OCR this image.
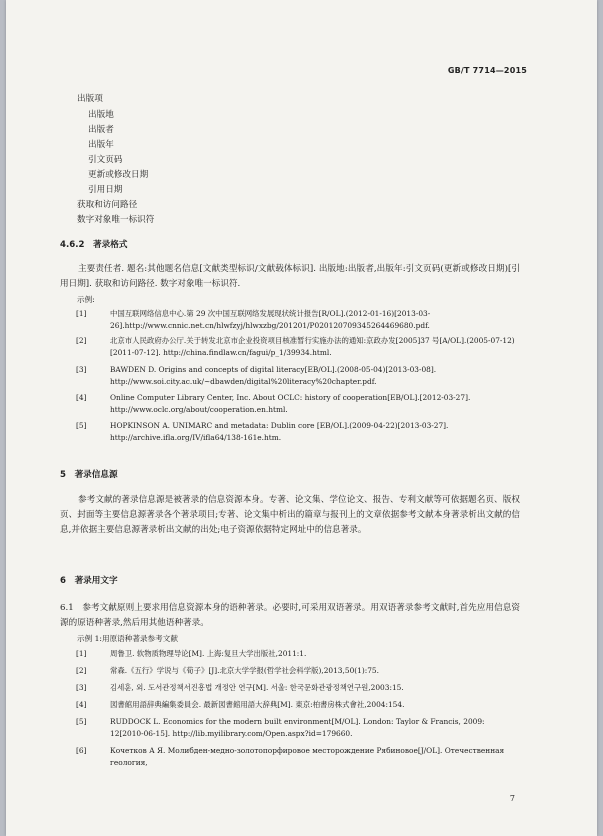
GB/T 7714—2015
出版项
出版地
出版者
出版年
引文页码
更新或修改日期
引用日期
获取和访问路径
数字对象唯一标识符
4.6.2　著录格式
主要责任者. 题名:其他题名信息[文献类型标识/文献载体标识]. 出版地:出版者,出版年:引文页码(更新或修改日期)[引用日期]. 获取和访问路径. 数字对象唯一标识符.
示例:
[1]	中国互联网络信息中心.第 29 次中国互联网络发展现状统计报告[R/OL].(2012-01-16)[2013-03-26].http://www.cnnic.net.cn/hlwfzyj/hlwxzbg/201201/P020120709345264469680.pdf.
[2]	北京市人民政府办公厅.关于转发北京市企业投资项目核准暂行实施办法的通知:京政办发[2005]37 号[A/OL].(2005-07-12)[2011-07-12]. http://china.findlaw.cn/fagui/p_1/39934.html.
[3]	BAWDEN D. Origins and concepts of digital literacy[EB/OL].(2008-05-04)[2013-03-08]. http://www.soi.city.ac.uk/~dbawden/digital%20literacy%20chapter.pdf.
[4]	Online Computer Library Center, Inc. About OCLC: history of cooperation[EB/OL].[2012-03-27]. http://www.oclc.org/about/cooperation.en.html.
[5]	HOPKINSON A. UNIMARC and metadata: Dublin core [EB/OL].(2009-04-22)[2013-03-27]. http://archive.ifla.org/IV/ifla64/138-161e.htm.
5　著录信息源
参考文献的著录信息源是被著录的信息资源本身。专著、论文集、学位论文、报告、专利文献等可依据题名页、版权页、封面等主要信息源著录各个著录项目;专著、论文集中析出的篇章与报刊上的文章依据参考文献本身著录析出文献的信息,并依据主要信息源著录析出文献的出处;电子资源依据特定网址中的信息著录。
6　著录用文字
6.1　参考文献原则上要求用信息资源本身的语种著录。必要时,可采用双语著录。用双语著录参考文献时,首先应用信息资源的原语种著录,然后用其他语种著录。
示例 1:用原语种著录参考文献
[1]	周鲁卫. 软物质物理导论[M]. 上海:复旦大学出版社,2011:1.
[2]	常森.《五行》学说与《荀子》[J].北京大学学报(哲学社会科学版),2013,50(1):75.
[3]	김세훈, 외. 도서관정책서진흥법 개정안 연구[M]. 서울: 한국문화관광정책연구원,2003:15.
[4]	図書館用語辞典編集委員会. 最新図書館用語大辞典[M]. 東京:柏書房株式會社,2004:154.
[5]	RUDDOCK L. Economics for the modern built environment[M/OL]. London: Taylor & Francis, 2009: 12[2010-06-15]. http://lib.myilibrary.com/Open.aspx?id=179660.
[6]	Кочетков А Я. Молибден-медно-золотопорфировое месторождение Рябиновое[J/OL]. Отечественная геология,
7
